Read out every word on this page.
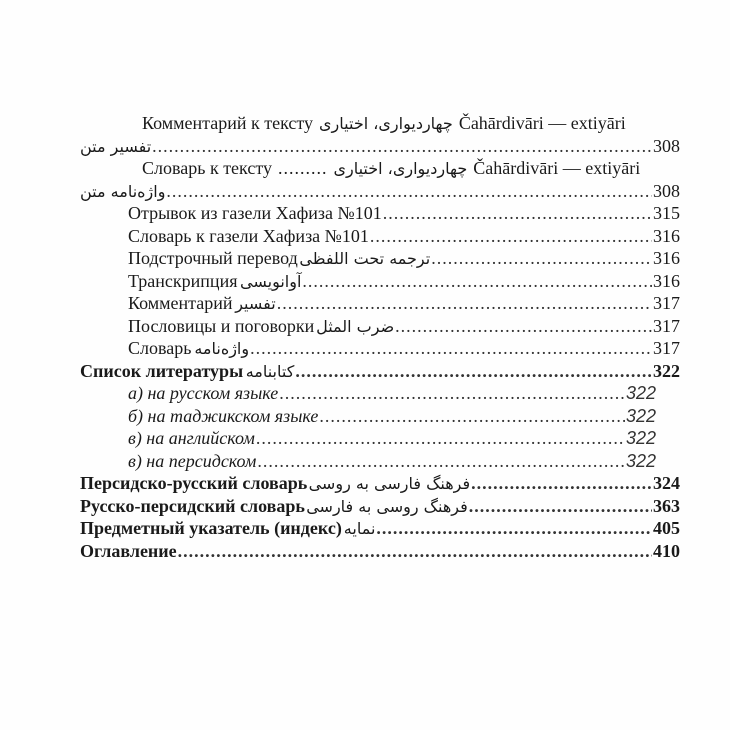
Комментарий к тексту چهاردیواری، اختیاری Čahārdivāri — extiyāri
تفسیر متن .....	308
Словарь к тексту ......... چهاردیواری، اختیاری Čahārdivāri — extiyāri
واژه‌نامه متن .....	308
Отрывок из газели Хафиза №101 .....	315
Словарь к газели Хафиза №101 .....	316
Подстрочный перевод ترجمه تحت اللفظی .....	316
Транскрипция آوانویسی .....	316
Комментарий تفسیر .....	317
Пословицы и поговорки ضرب المثل .....	317
Словарь واژه‌نامه .....	317
Список литературы کتابنامه .....	322
а) на русском языке .....	322
б) на таджикском языке .....	322
в) на английском .....	322
в) на персидском .....	322
Персидско-русский словарь فرهنگ فارسی به روسی .....	324
Русско-персидский словарь فرهنگ روسی به فارسی .....	363
Предметный указатель (индекс) نمایه .....	405
Оглавление .....	410
